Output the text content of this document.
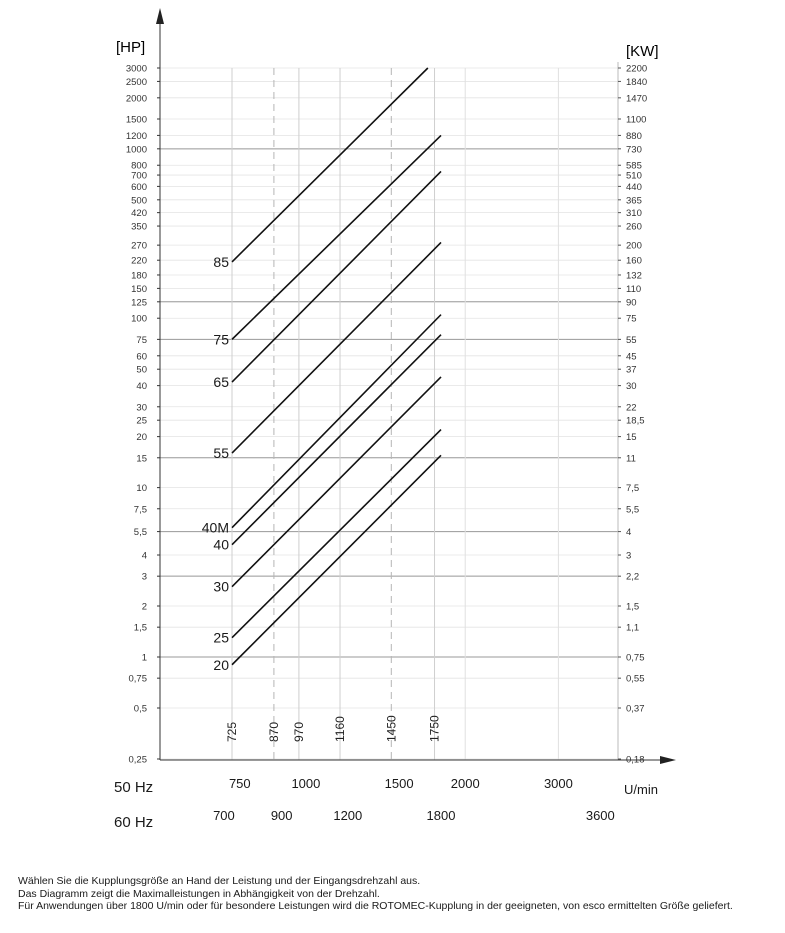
725 870 970 1160	1450 1750
[HP]	[KW]
3000
2500
2000
1500
1200
1000
800
700
600
500
420
350
270
220
180
150
125
100
75
60
50
40
30
25
20
15
10
7,5
5,5
4
3
2
1,5
1
0,75
0,5
0,25
2200
1840
1470
1100
880
730
585
510
440
365
310
260
200
160
132
110
90
75
55
45
37
30
22
18,5
15
11
7,5
5,5
4
3
2,2
1,5
1,1
0,75
0,55
0,37
0,18
85
75
65
55
40M
40
30
25
20
50 Hz	750	1000	1500	2000	3000	U/min
60 Hz	700	900	1200	1800	3600

Wählen Sie die Kupplungsgröße an Hand der Leistung und der Eingangsdrehzahl aus.

Das Diagramm zeigt die Maximalleistungen in Abhängigkeit von der Drehzahl.

Für Anwendungen über 1800 U/min oder für besondere Leistungen wird die ROTOMEC-Kupplung in der geeigneten, von esco ermittelten Größe geliefert.
